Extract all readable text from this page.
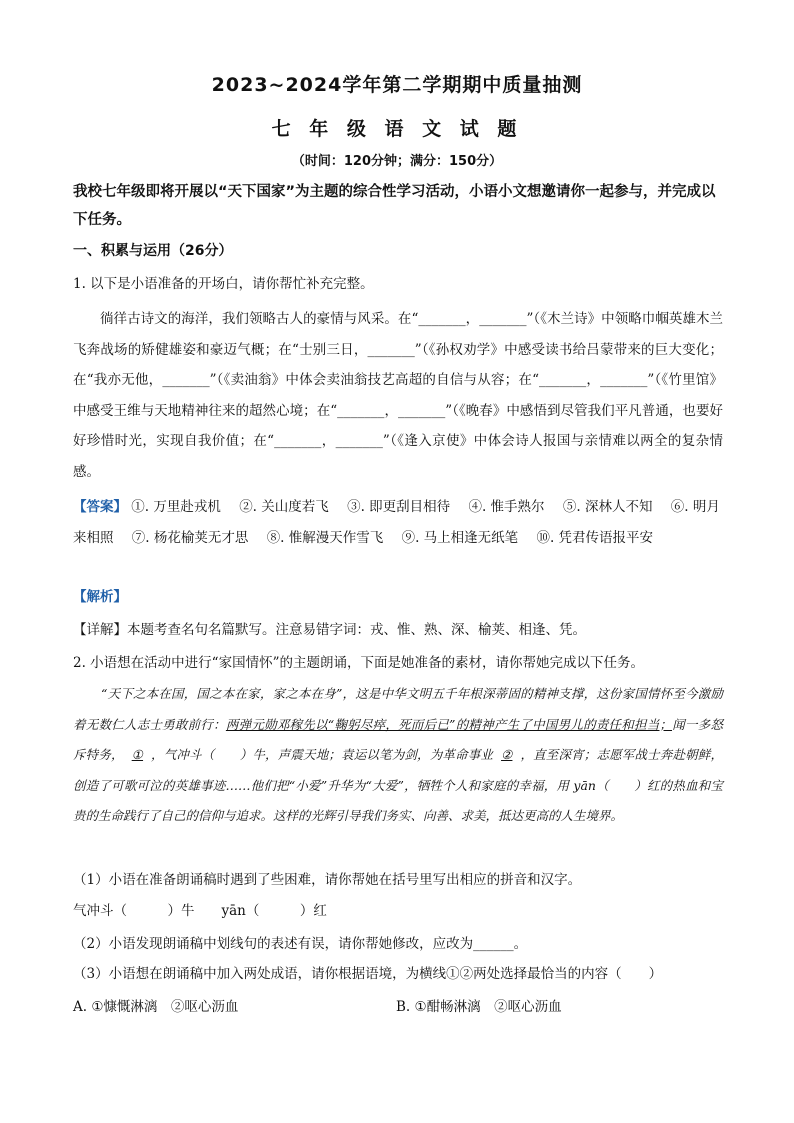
2023~2024学年第二学期期中质量抽测
七 年 级 语 文 试 题
（时间：120分钟；满分：150分）
我校七年级即将开展以“天下国家”为主题的综合性学习活动，小语小文想邀请你一起参与，并完成以下任务。
一、积累与运用（26分）
1. 以下是小语准备的开场白，请你帮忙补充完整。
徜徉古诗文的海洋，我们领略古人的豪情与风采。在“_______，_______”（《木兰诗》中领略巾帼英雄木兰飞奔战场的矫健雄姿和豪迈气概；在“士别三日，_______”（《孙权劝学》中感受读书给吕蒙带来的巨大变化；在“我亦无他，_______”（《卖油翁》中体会卖油翁技艺高超的自信与从容；在“_______，_______”（《竹里馆》中感受王维与天地精神往来的超然心境；在“_______，_______”（《晚春》中感悟到尽管我们平凡普通，也要好好珍惜时光，实现自我价值；在“_______，_______”（《逢入京使》中体会诗人报国与亲情难以两全的复杂情感。
【答案】 ①. 万里赴戎机 ②. 关山度若飞 ③. 即更刮目相待 ④. 惟手熟尔 ⑤. 深林人不知 ⑥. 明月来相照 ⑦. 杨花榆荚无才思 ⑧. 惟解漫天作雪飞 ⑨. 马上相逢无纸笔 ⑩. 凭君传语报平安
【解析】
【详解】本题考查名句名篇默写。注意易错字词：戎、惟、熟、深、榆荚、相逢、凭。
2. 小语想在活动中进行“家国情怀”的主题朗诵，下面是她准备的素材，请你帮她完成以下任务。
“天下之本在国，国之本在家，家之本在身”，这是中华文明五千年根深蒂固的精神支撑，这份家国情怀至今激励着无数仁人志士勇敢前行：两弹元勋邓稼先以“鞠躬尽瘁，死而后已”的精神产生了中国男儿的责任和担当；闻一多怒斥特务， ① ，气冲斗（　　）牛，声震天地；袁运以笔为剑，为革命事业 ② ，直至深宵；志愿军战士奔赴朝鲜，创造了可歌可泣的英雄事迹……他们把“小爱”升华为“大爱”，牺牲个人和家庭的幸福，用 yān（　　）红的热血和宝贵的生命践行了自己的信仰与追求。这样的光辉引导我们务实、向善、求美，抵达更高的人生境界。
（1）小语在准备朗诵稿时遇到了些困难，请你帮她在括号里写出相应的拼音和汉字。
气冲斗（　　　）牛　　yān（　　　）红
（2）小语发现朗诵稿中划线句的表述有误，请你帮她修改，应改为______。
（3）小语想在朗诵稿中加入两处成语，请你根据语境，为横线①②两处选择最恰当的内容（　　）
A. ①慷慨淋漓　②呕心沥血	B. ①酣畅淋漓　②呕心沥血
